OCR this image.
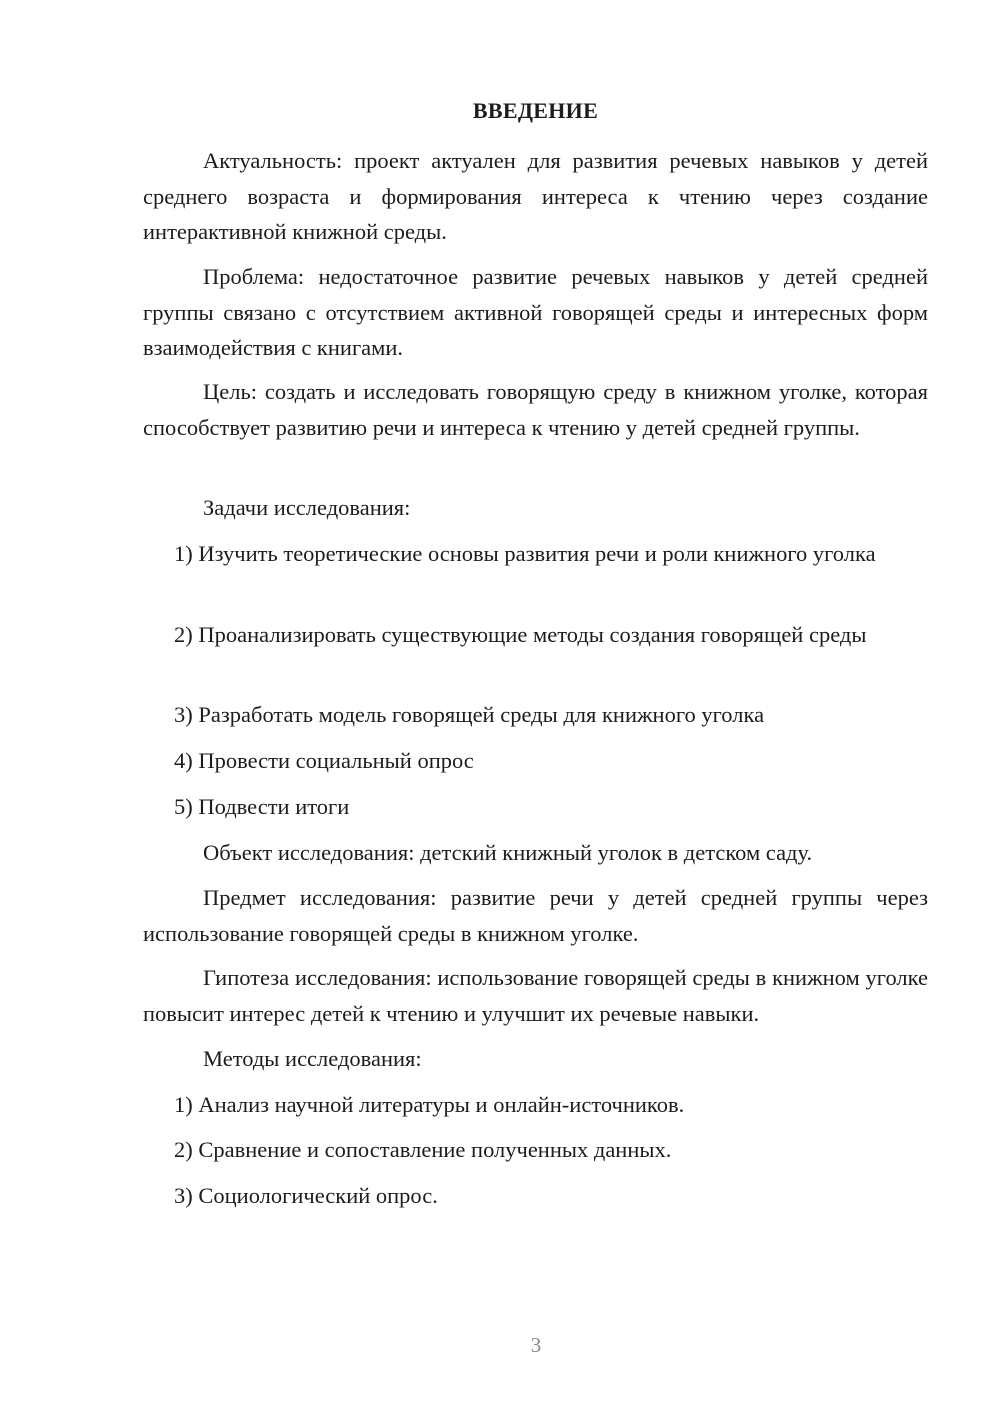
ВВЕДЕНИЕ

Актуальность: проект актуален для развития речевых навыков у детей среднего возраста и формирования интереса к чтению через создание интерактивной книжной среды.

Проблема: недостаточное развитие речевых навыков у детей средней группы связано с отсутствием активной говорящей среды и интересных форм взаимодействия с книгами.

Цель: создать и исследовать говорящую среду в книжном уголке, которая способствует развитию речи и интереса к чтению у детей средней группы.

Задачи исследования:

1) Изучить теоретические основы развития речи и роли книжного уголка

2) Проанализировать существующие методы создания говорящей среды

3) Разработать модель говорящей среды для книжного уголка

4) Провести социальный опрос

5) Подвести итоги

Объект исследования: детский книжный уголок в детском саду.

Предмет исследования: развитие речи у детей средней группы через использование говорящей среды в книжном уголке.

Гипотеза исследования: использование говорящей среды в книжном уголке повысит интерес детей к чтению и улучшит их речевые навыки.

Методы исследования:

1) Анализ научной литературы и онлайн-источников.

2) Сравнение и сопоставление полученных данных.

3) Социологический опрос.

3
